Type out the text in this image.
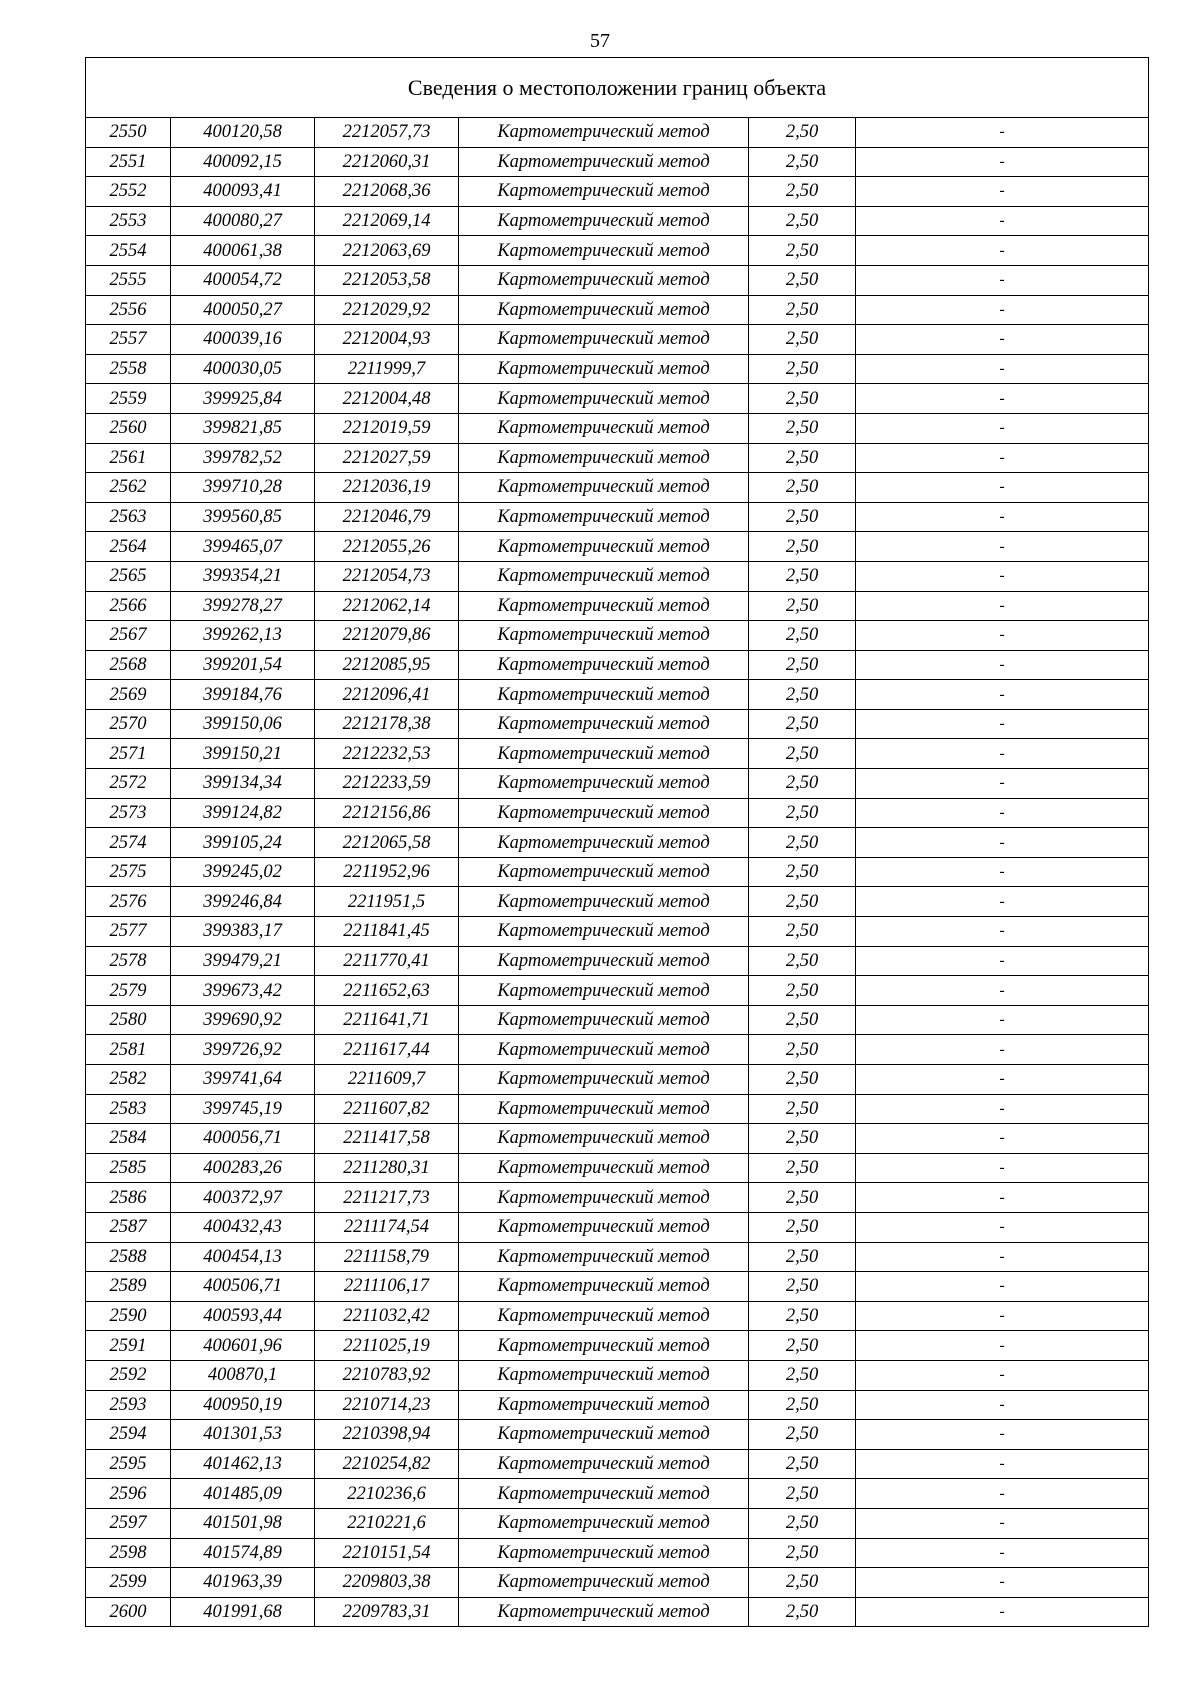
57
Сведения о местоположении границ объекта					
2550	400120,58	2212057,73	Картометрический метод	2,50	-
2551	400092,15	2212060,31	Картометрический метод	2,50	-
2552	400093,41	2212068,36	Картометрический метод	2,50	-
2553	400080,27	2212069,14	Картометрический метод	2,50	-
2554	400061,38	2212063,69	Картометрический метод	2,50	-
2555	400054,72	2212053,58	Картометрический метод	2,50	-
2556	400050,27	2212029,92	Картометрический метод	2,50	-
2557	400039,16	2212004,93	Картометрический метод	2,50	-
2558	400030,05	2211999,7	Картометрический метод	2,50	-
2559	399925,84	2212004,48	Картометрический метод	2,50	-
2560	399821,85	2212019,59	Картометрический метод	2,50	-
2561	399782,52	2212027,59	Картометрический метод	2,50	-
2562	399710,28	2212036,19	Картометрический метод	2,50	-
2563	399560,85	2212046,79	Картометрический метод	2,50	-
2564	399465,07	2212055,26	Картометрический метод	2,50	-
2565	399354,21	2212054,73	Картометрический метод	2,50	-
2566	399278,27	2212062,14	Картометрический метод	2,50	-
2567	399262,13	2212079,86	Картометрический метод	2,50	-
2568	399201,54	2212085,95	Картометрический метод	2,50	-
2569	399184,76	2212096,41	Картометрический метод	2,50	-
2570	399150,06	2212178,38	Картометрический метод	2,50	-
2571	399150,21	2212232,53	Картометрический метод	2,50	-
2572	399134,34	2212233,59	Картометрический метод	2,50	-
2573	399124,82	2212156,86	Картометрический метод	2,50	-
2574	399105,24	2212065,58	Картометрический метод	2,50	-
2575	399245,02	2211952,96	Картометрический метод	2,50	-
2576	399246,84	2211951,5	Картометрический метод	2,50	-
2577	399383,17	2211841,45	Картометрический метод	2,50	-
2578	399479,21	2211770,41	Картометрический метод	2,50	-
2579	399673,42	2211652,63	Картометрический метод	2,50	-
2580	399690,92	2211641,71	Картометрический метод	2,50	-
2581	399726,92	2211617,44	Картометрический метод	2,50	-
2582	399741,64	2211609,7	Картометрический метод	2,50	-
2583	399745,19	2211607,82	Картометрический метод	2,50	-
2584	400056,71	2211417,58	Картометрический метод	2,50	-
2585	400283,26	2211280,31	Картометрический метод	2,50	-
2586	400372,97	2211217,73	Картометрический метод	2,50	-
2587	400432,43	2211174,54	Картометрический метод	2,50	-
2588	400454,13	2211158,79	Картометрический метод	2,50	-
2589	400506,71	2211106,17	Картометрический метод	2,50	-
2590	400593,44	2211032,42	Картометрический метод	2,50	-
2591	400601,96	2211025,19	Картометрический метод	2,50	-
2592	400870,1	2210783,92	Картометрический метод	2,50	-
2593	400950,19	2210714,23	Картометрический метод	2,50	-
2594	401301,53	2210398,94	Картометрический метод	2,50	-
2595	401462,13	2210254,82	Картометрический метод	2,50	-
2596	401485,09	2210236,6	Картометрический метод	2,50	-
2597	401501,98	2210221,6	Картометрический метод	2,50	-
2598	401574,89	2210151,54	Картометрический метод	2,50	-
2599	401963,39	2209803,38	Картометрический метод	2,50	-
2600	401991,68	2209783,31	Картометрический метод	2,50	-
